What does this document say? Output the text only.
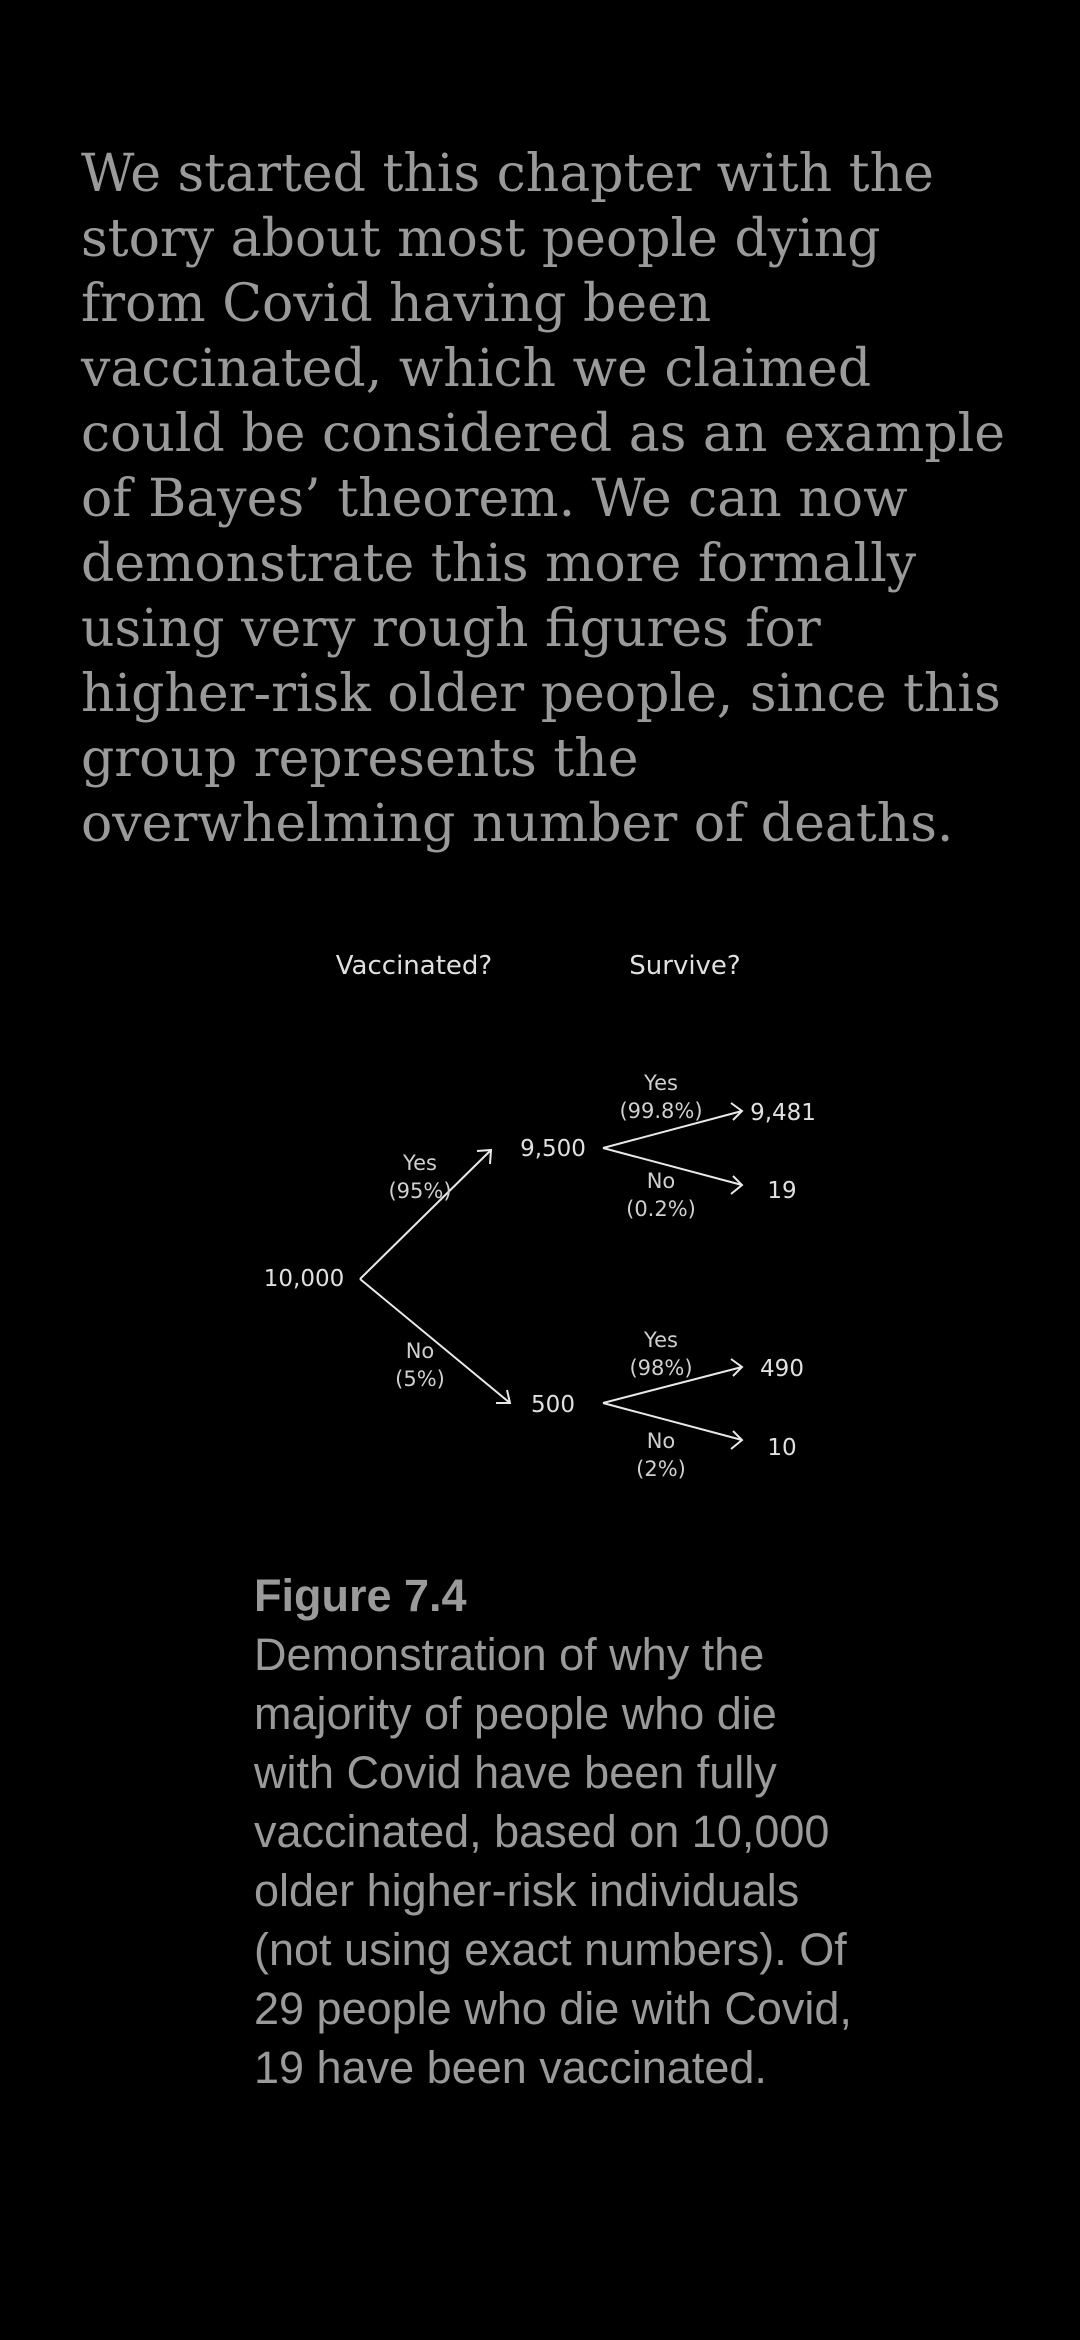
We started this chapter with the story about most people dying from Covid having been vaccinated, which we claimed could be considered as an example of Bayes’ theorem. We can now demonstrate this more formally using very rough figures for higher-risk older people, since this group represents the overwhelming number of deaths.

Vaccinated?	Survive?
10,000
Yes
(95%)
No
(5%)
9,500
500
Yes
(99.8%)
No
(0.2%)
9,481
19
Yes
(98%)
No
(2%)
490
10
Figure 7.4
Demonstration of why the majority of people who die with Covid have been fully vaccinated, based on 10,000 older higher-risk individuals (not using exact numbers). Of 29 people who die with Covid, 19 have been vaccinated.
